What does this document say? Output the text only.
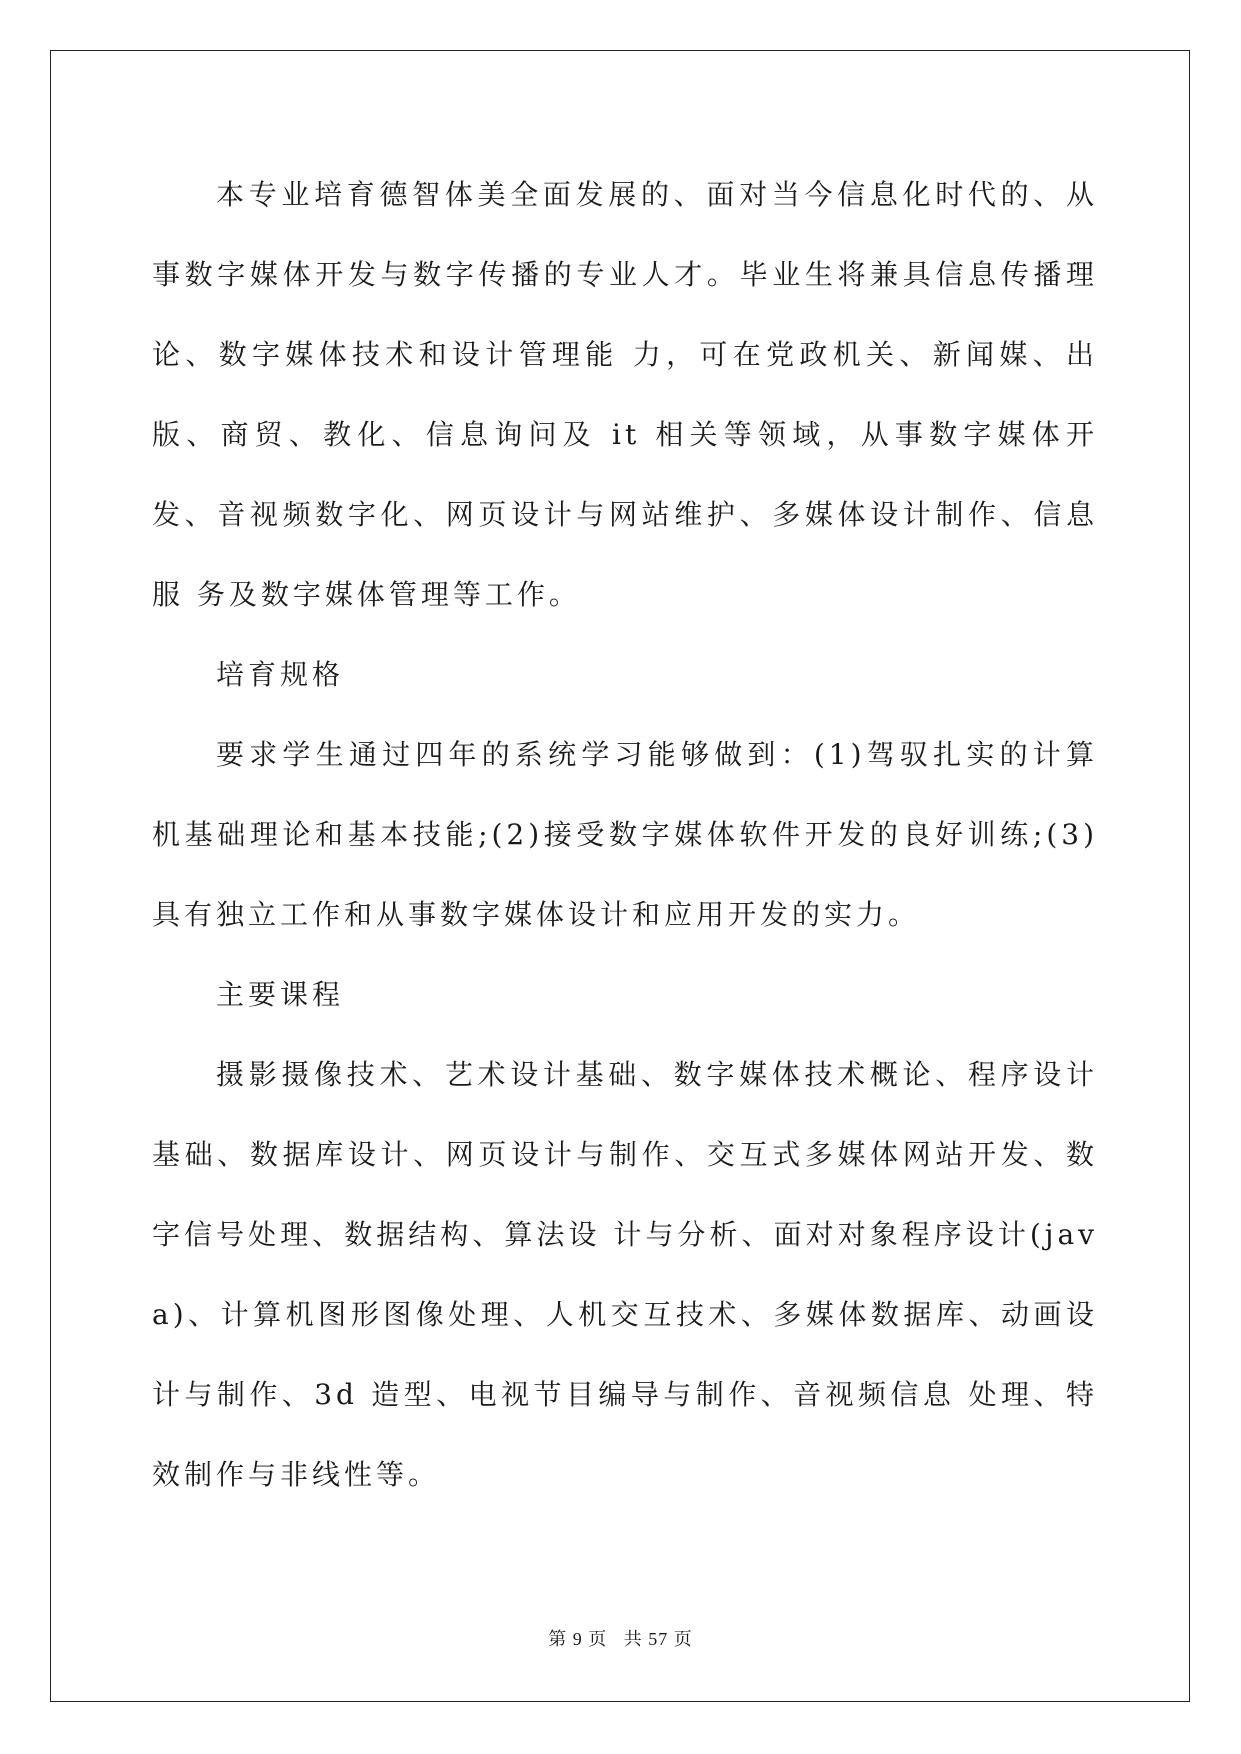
本专业培育德智体美全面发展的、面对当今信息化时代的、从事数字媒体开发与数字传播的专业人才。毕业生将兼具信息传播理论、数字媒体技术和设计管理能 力，可在党政机关、新闻媒、出版、商贸、教化、信息询问及 it 相关等领域，从事数字媒体开发、音视频数字化、网页设计与网站维护、多媒体设计制作、信息服 务及数字媒体管理等工作。

培育规格

要求学生通过四年的系统学习能够做到：(1)驾驭扎实的计算机基础理论和基本技能;(2)接受数字媒体软件开发的良好训练;(3)具有独立工作和从事数字媒体设计和应用开发的实力。

主要课程

摄影摄像技术、艺术设计基础、数字媒体技术概论、程序设计基础、数据库设计、网页设计与制作、交互式多媒体网站开发、数字信号处理、数据结构、算法设 计与分析、面对对象程序设计(java)、计算机图形图像处理、人机交互技术、多媒体数据库、动画设计与制作、3d 造型、电视节目编导与制作、音视频信息 处理、特效制作与非线性等。

第 9 页   共 57 页
